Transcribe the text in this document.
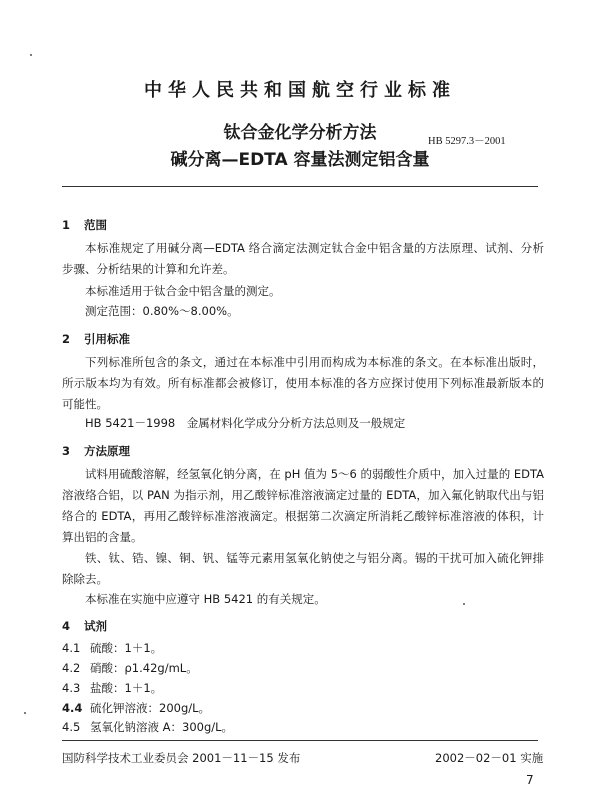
中华人民共和国航空行业标准
钛合金化学分析方法
碱分离—EDTA 容量法测定铝含量
HB 5297.3－2001
1 范围
本标准规定了用碱分离—EDTA 络合滴定法测定钛合金中铝含量的方法原理、试剂、分析步骤、分析结果的计算和允许差。
本标准适用于钛合金中铝含量的测定。
测定范围：0.80%～8.00%。
2 引用标准
下列标准所包含的条文，通过在本标准中引用而构成为本标准的条文。在本标准出版时，所示版本均为有效。所有标准都会被修订，使用本标准的各方应探讨使用下列标准最新版本的可能性。
HB 5421－1998　金属材料化学成分分析方法总则及一般规定
3 方法原理
试料用硫酸溶解，经氢氧化钠分离，在 pH 值为 5～6 的弱酸性介质中，加入过量的 EDTA 溶液络合铝，以 PAN 为指示剂，用乙酸锌标准溶液滴定过量的 EDTA，加入氟化钠取代出与铝络合的 EDTA，再用乙酸锌标准溶液滴定。根据第二次滴定所消耗乙酸锌标准溶液的体积，计算出铝的含量。
铁、钛、锆、镍、铜、钒、锰等元素用氢氧化钠使之与铝分离。锡的干扰可加入硫化钾排除除去。
本标准在实施中应遵守 HB 5421 的有关规定。
4 试剂
4.1 硫酸：1＋1。
4.2 硝酸：ρ1.42g/mL。
4.3 盐酸：1＋1。
4.4 硫化钾溶液：200g/L。
4.5 氢氧化钠溶液 A：300g/L。
国防科学技术工业委员会 2001－11－15 发布	2002－02－01 实施
7
